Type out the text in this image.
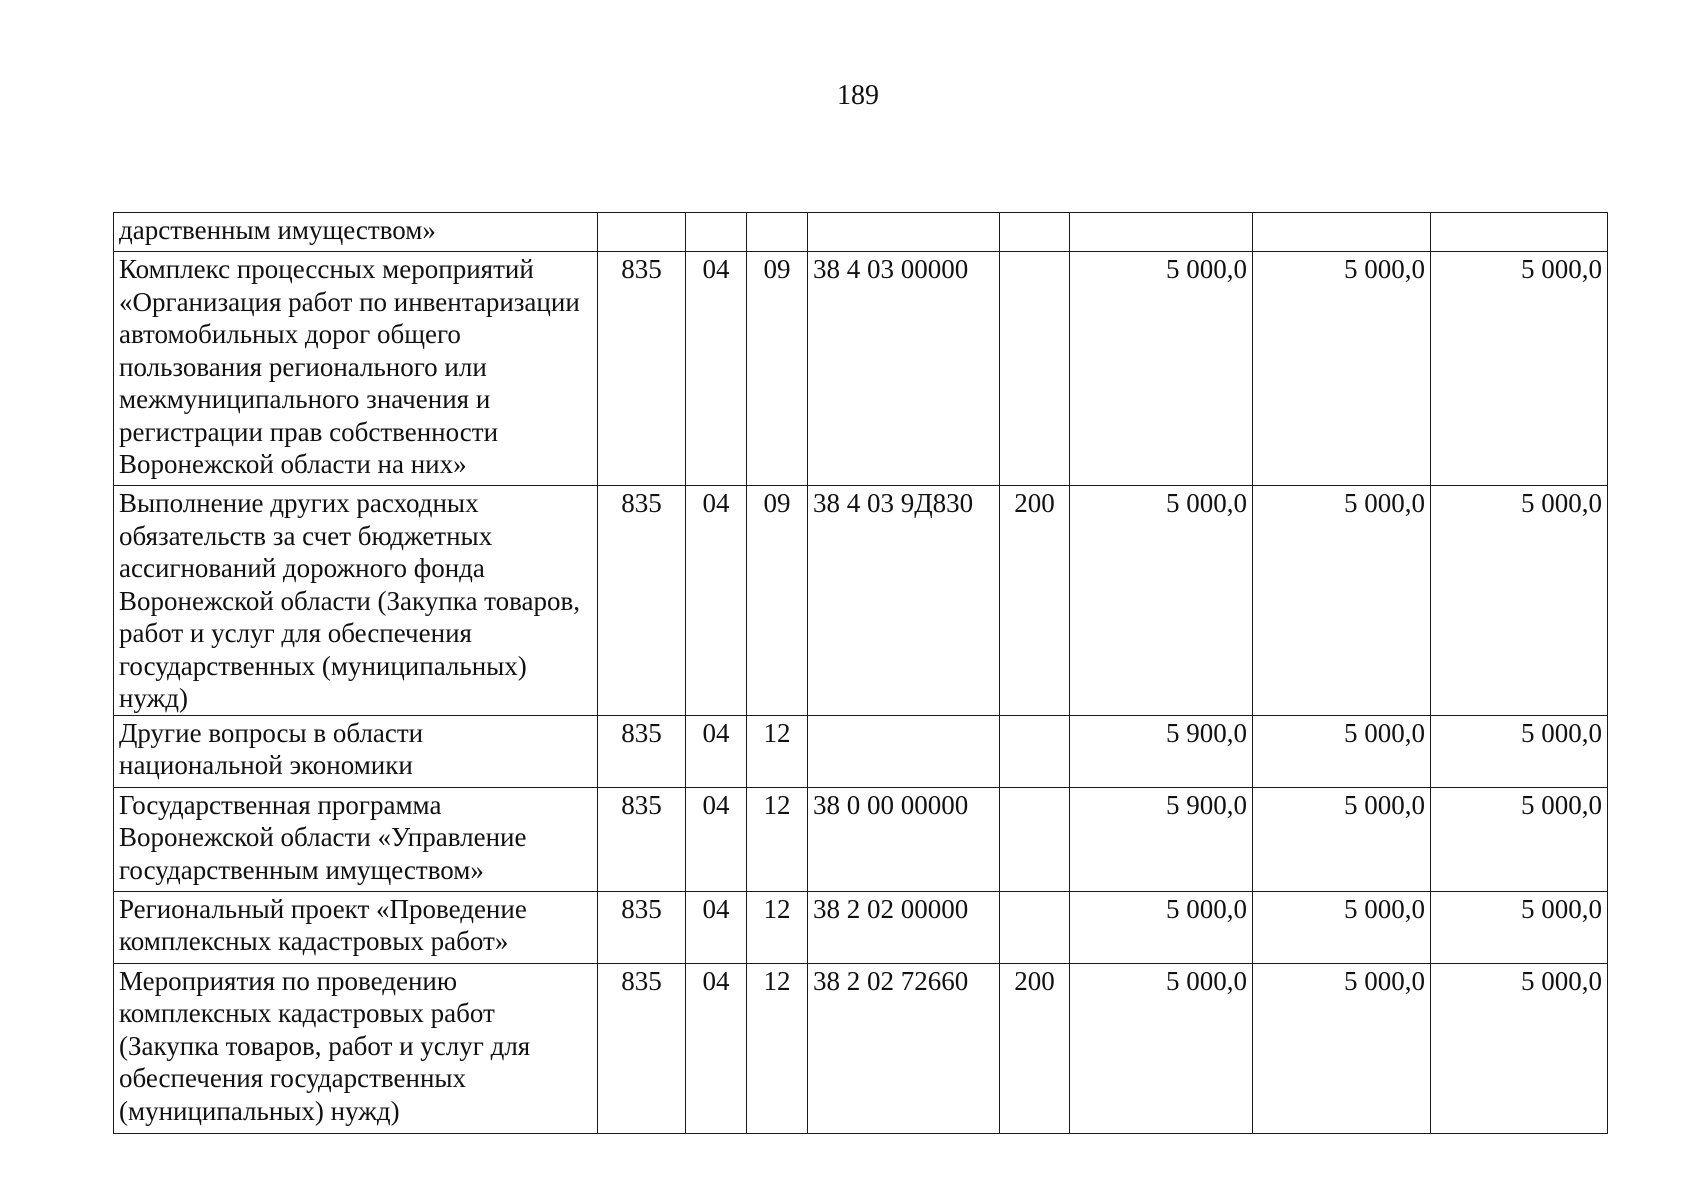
189
дарственным имуществом»								
Комплекс процессных мероприятий «Организация работ по инвентаризации автомобильных дорог общего пользования регионального или межмуниципального значения и регистрации прав собственности Воронежской области на них»	835	04	09	38 4 03 00000		5 000,0	5 000,0	5 000,0
Выполнение других расходных обязательств за счет бюджетных ассигнований дорожного фонда Воронежской области (Закупка товаров, работ и услуг для обеспечения государственных (муниципальных) нужд)	835	04	09	38 4 03 9Д830	200	5 000,0	5 000,0	5 000,0
Другие вопросы в области национальной экономики	835	04	12			5 900,0	5 000,0	5 000,0
Государственная программа Воронежской области «Управление государственным имуществом»	835	04	12	38 0 00 00000		5 900,0	5 000,0	5 000,0
Региональный проект «Проведение комплексных кадастровых работ»	835	04	12	38 2 02 00000		5 000,0	5 000,0	5 000,0
Мероприятия по проведению комплексных кадастровых работ (Закупка товаров, работ и услуг для обеспечения государственных (муниципальных) нужд)	835	04	12	38 2 02 72660	200	5 000,0	5 000,0	5 000,0
